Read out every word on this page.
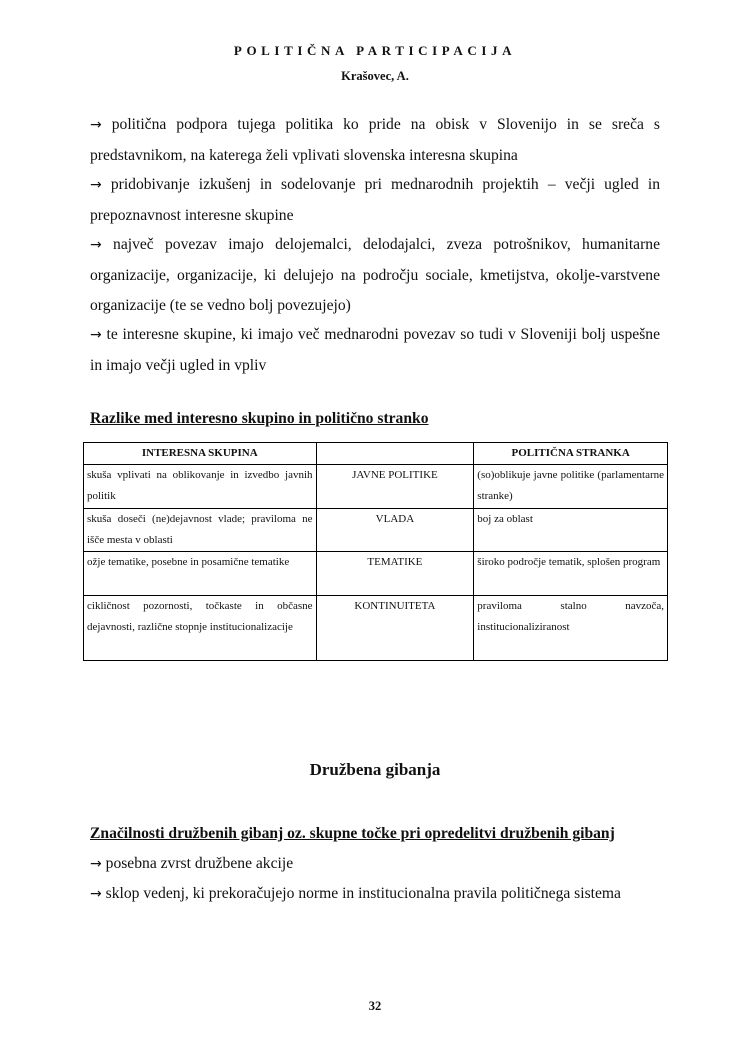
POLITIČNA PARTICIPACIJA
Krašovec, A.

→ politična podpora tujega politika ko pride na obisk v Slovenijo in se sreča s predstavnikom, na katerega želi vplivati slovenska interesna skupina

→ pridobivanje izkušenj in sodelovanje pri mednarodnih projektih – večji ugled in prepoznavnost interesne skupine

→ največ povezav imajo delojemalci, delodajalci, zveza potrošnikov, humanitarne organizacije, organizacije, ki delujejo na področju sociale, kmetijstva, okolje-varstvene organizacije (te se vedno bolj povezujejo)

→ te interesne skupine, ki imajo več mednarodni povezav so tudi v Sloveniji bolj uspešne in imajo večji ugled in vpliv

Razlike med interesno skupino in politično stranko
INTERESNA SKUPINA		POLITIČNA STRANKA
skuša vplivati na oblikovanje in izvedbo javnih politik	JAVNE POLITIKE	(so)oblikuje javne politike (parlamentarne stranke)
skuša doseči (ne)dejavnost vlade; praviloma ne išče mesta v oblasti	VLADA	boj za oblast
ožje tematike, posebne in posamične tematike	TEMATIKE	široko področje tematik, splošen program
cikličnost pozornosti, točkaste in občasne dejavnosti, različne stopnje institucionalizacije	KONTINUITETA	praviloma stalno navzoča, institucionaliziranost
Družbena gibanja

Značilnosti družbenih gibanj oz. skupne točke pri opredelitvi družbenih gibanj

→ posebna zvrst družbene akcije

→ sklop vedenj, ki prekoračujejo norme in institucionalna pravila političnega sistema

32
